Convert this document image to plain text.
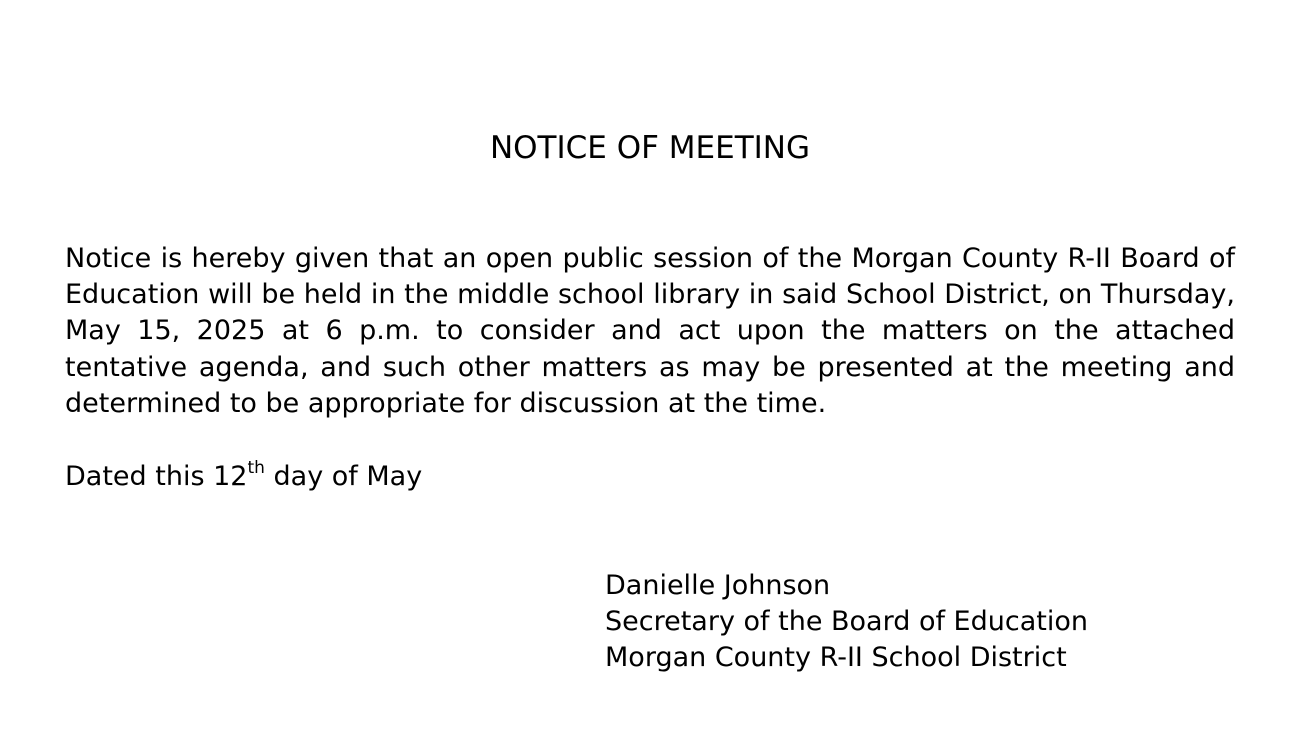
NOTICE OF MEETING
Notice is hereby given that an open public session of the Morgan County R-II Board of Education will be held in the middle school library in said School District, on Thursday, May 15, 2025 at 6 p.m. to consider and act upon the matters on the attached tentative agenda, and such other matters as may be presented at the meeting and determined to be appropriate for discussion at the time.
Dated this 12th day of May
Danielle Johnson
Secretary of the Board of Education
Morgan County R-II School District
